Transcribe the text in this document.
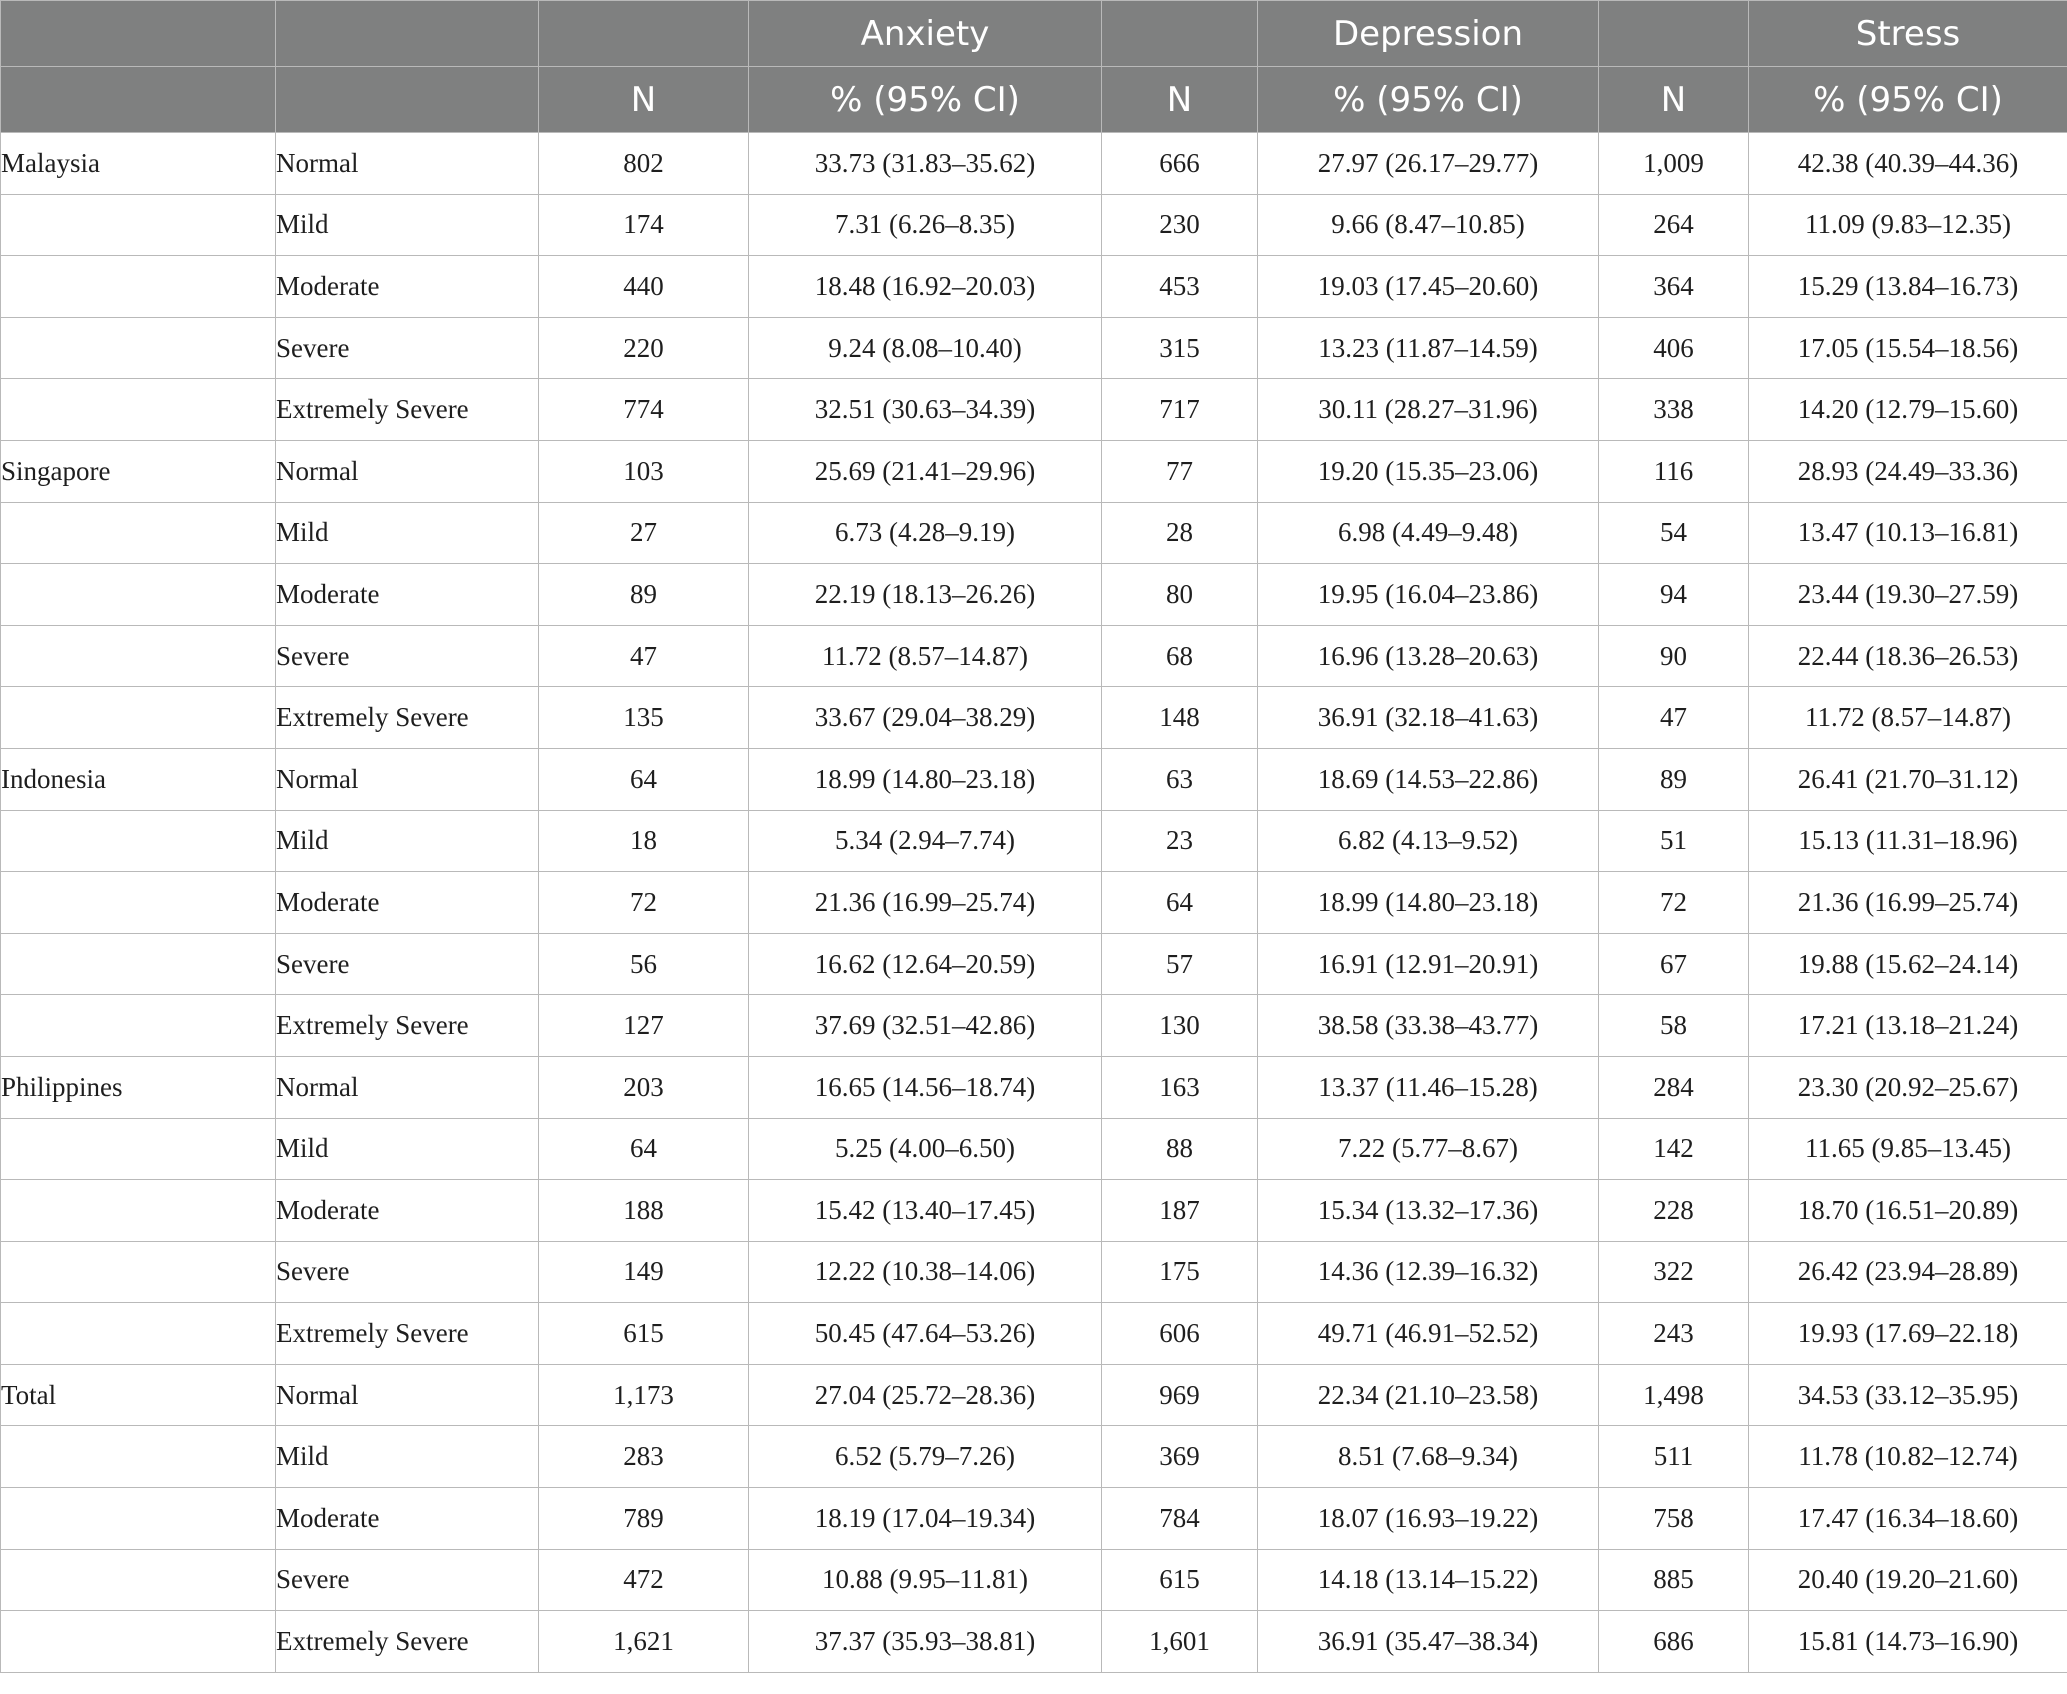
			Anxiety		Depression		Stress
		N	% (95% CI)	N	% (95% CI)	N	% (95% CI)
Malaysia	Normal	802	33.73 (31.83–35.62)	666	27.97 (26.17–29.77)	1,009	42.38 (40.39–44.36)
	Mild	174	7.31 (6.26–8.35)	230	9.66 (8.47–10.85)	264	11.09 (9.83–12.35)
	Moderate	440	18.48 (16.92–20.03)	453	19.03 (17.45–20.60)	364	15.29 (13.84–16.73)
	Severe	220	9.24 (8.08–10.40)	315	13.23 (11.87–14.59)	406	17.05 (15.54–18.56)
	Extremely Severe	774	32.51 (30.63–34.39)	717	30.11 (28.27–31.96)	338	14.20 (12.79–15.60)
Singapore	Normal	103	25.69 (21.41–29.96)	77	19.20 (15.35–23.06)	116	28.93 (24.49–33.36)
	Mild	27	6.73 (4.28–9.19)	28	6.98 (4.49–9.48)	54	13.47 (10.13–16.81)
	Moderate	89	22.19 (18.13–26.26)	80	19.95 (16.04–23.86)	94	23.44 (19.30–27.59)
	Severe	47	11.72 (8.57–14.87)	68	16.96 (13.28–20.63)	90	22.44 (18.36–26.53)
	Extremely Severe	135	33.67 (29.04–38.29)	148	36.91 (32.18–41.63)	47	11.72 (8.57–14.87)
Indonesia	Normal	64	18.99 (14.80–23.18)	63	18.69 (14.53–22.86)	89	26.41 (21.70–31.12)
	Mild	18	5.34 (2.94–7.74)	23	6.82 (4.13–9.52)	51	15.13 (11.31–18.96)
	Moderate	72	21.36 (16.99–25.74)	64	18.99 (14.80–23.18)	72	21.36 (16.99–25.74)
	Severe	56	16.62 (12.64–20.59)	57	16.91 (12.91–20.91)	67	19.88 (15.62–24.14)
	Extremely Severe	127	37.69 (32.51–42.86)	130	38.58 (33.38–43.77)	58	17.21 (13.18–21.24)
Philippines	Normal	203	16.65 (14.56–18.74)	163	13.37 (11.46–15.28)	284	23.30 (20.92–25.67)
	Mild	64	5.25 (4.00–6.50)	88	7.22 (5.77–8.67)	142	11.65 (9.85–13.45)
	Moderate	188	15.42 (13.40–17.45)	187	15.34 (13.32–17.36)	228	18.70 (16.51–20.89)
	Severe	149	12.22 (10.38–14.06)	175	14.36 (12.39–16.32)	322	26.42 (23.94–28.89)
	Extremely Severe	615	50.45 (47.64–53.26)	606	49.71 (46.91–52.52)	243	19.93 (17.69–22.18)
Total	Normal	1,173	27.04 (25.72–28.36)	969	22.34 (21.10–23.58)	1,498	34.53 (33.12–35.95)
	Mild	283	6.52 (5.79–7.26)	369	8.51 (7.68–9.34)	511	11.78 (10.82–12.74)
	Moderate	789	18.19 (17.04–19.34)	784	18.07 (16.93–19.22)	758	17.47 (16.34–18.60)
	Severe	472	10.88 (9.95–11.81)	615	14.18 (13.14–15.22)	885	20.40 (19.20–21.60)
	Extremely Severe	1,621	37.37 (35.93–38.81)	1,601	36.91 (35.47–38.34)	686	15.81 (14.73–16.90)
